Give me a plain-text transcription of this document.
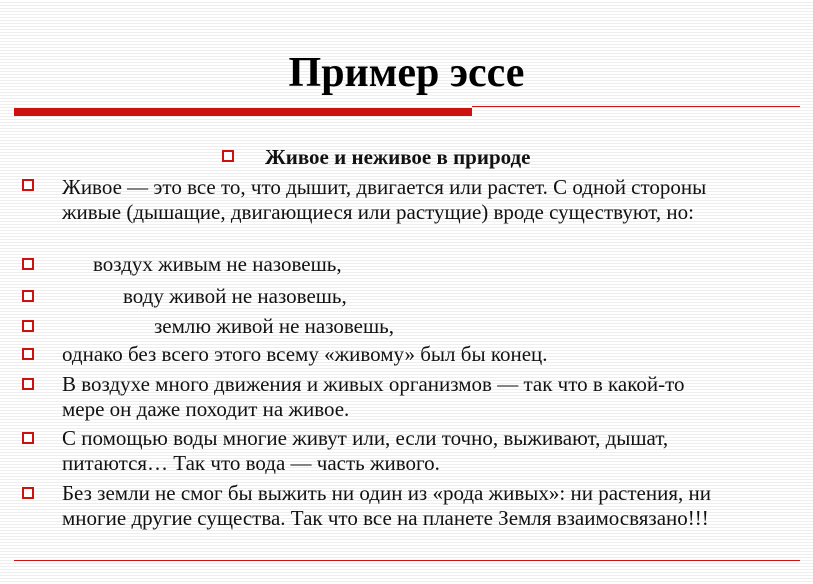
Пример эссе
Живое и неживое в природе
Живое — это все то, что дышит, двигается или растет. С одной стороны живые (дышащие, двигающиеся или растущие) вроде существуют, но:
воздух живым не назовешь,
воду живой не назовешь,
землю живой не назовешь,
однако без всего этого всему «живому» был бы конец.
В воздухе много движения и живых организмов — так что в какой-то мере он даже походит на живое.
С помощью воды многие живут или, если точно, выживают, дышат, питаются… Так что вода — часть живого.
Без земли не смог бы выжить ни один из «рода живых»: ни растения, ни многие другие существа. Так что все на планете Земля взаимосвязано!!!
